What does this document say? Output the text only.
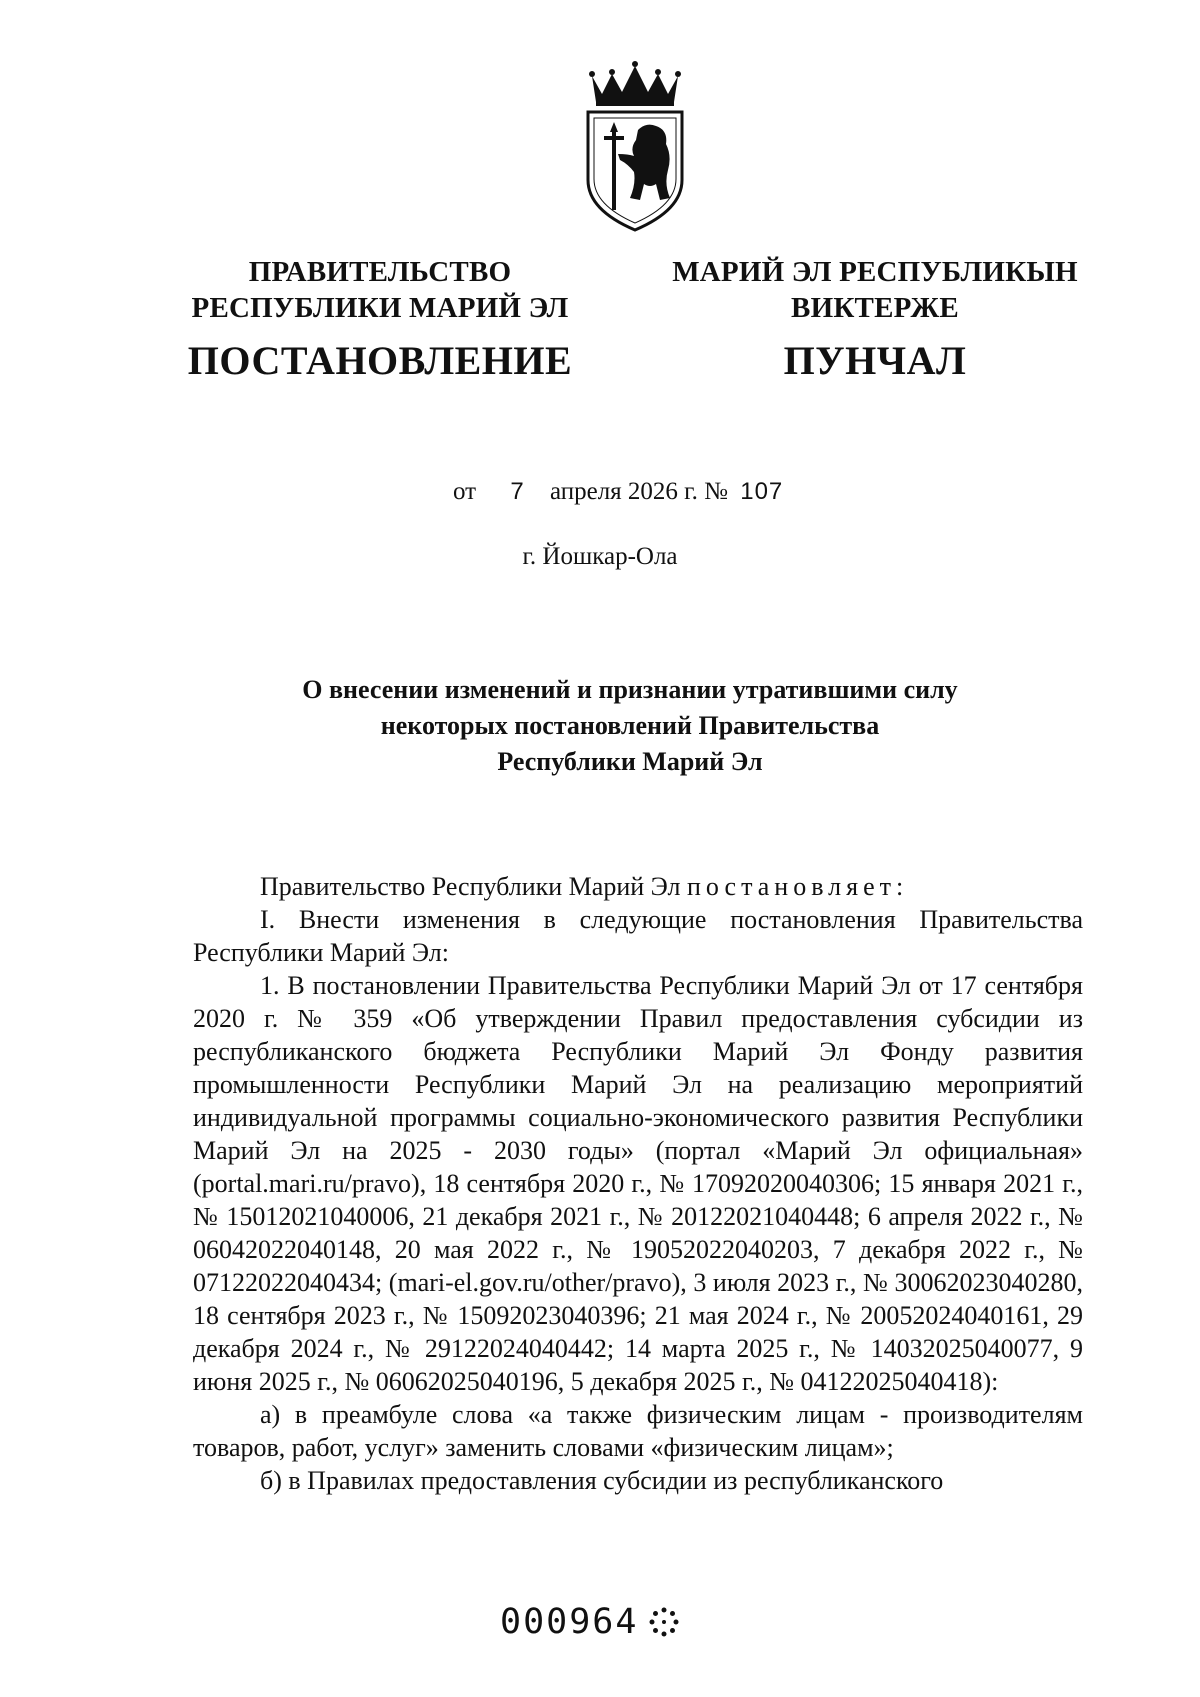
ПРАВИТЕЛЬСТВО
РЕСПУБЛИКИ МАРИЙ ЭЛ
МАРИЙ ЭЛ РЕСПУБЛИКЫН
ВИКТЕРЖЕ
ПОСТАНОВЛЕНИЕ	ПУНЧАЛ
от 7 апреля 2026 г. № 107
г. Йошкар-Ола
О внесении изменений и признании утратившими силу
некоторых постановлений Правительства
Республики Марий Эл

Правительство Республики Марий Эл постановляет:

I. Внести изменения в следующие постановления Правительства Республики Марий Эл:

1. В постановлении Правительства Республики Марий Эл от 17 сентября 2020 г. № 359 «Об утверждении Правил предоставления субсидии из республиканского бюджета Республики Марий Эл Фонду развития промышленности Республики Марий Эл на реализацию мероприятий индивидуальной программы социально-экономического развития Республики Марий Эл на 2025 - 2030 годы» (портал «Марий Эл официальная» (portal.mari.ru/pravo), 18 сентября 2020 г., № 17092020040306; 15 января 2021 г., № 15012021040006, 21 декабря 2021 г., № 20122021040448; 6 апреля 2022 г., № 06042022040148, 20 мая 2022 г., № 19052022040203, 7 декабря 2022 г., № 07122022040434; (mari-el.gov.ru/other/pravo), 3 июля 2023 г., № 30062023040280, 18 сентября 2023 г., № 15092023040396; 21 мая 2024 г., № 20052024040161, 29 декабря 2024 г., № 29122024040442; 14 марта 2025 г., № 14032025040077, 9 июня 2025 г., № 06062025040196, 5 декабря 2025 г., № 04122025040418):

а) в преамбуле слова «а также физическим лицам - производителям товаров, работ, услуг» заменить словами «физическим лицам»;

б) в Правилах предоставления субсидии из республиканского

000964
